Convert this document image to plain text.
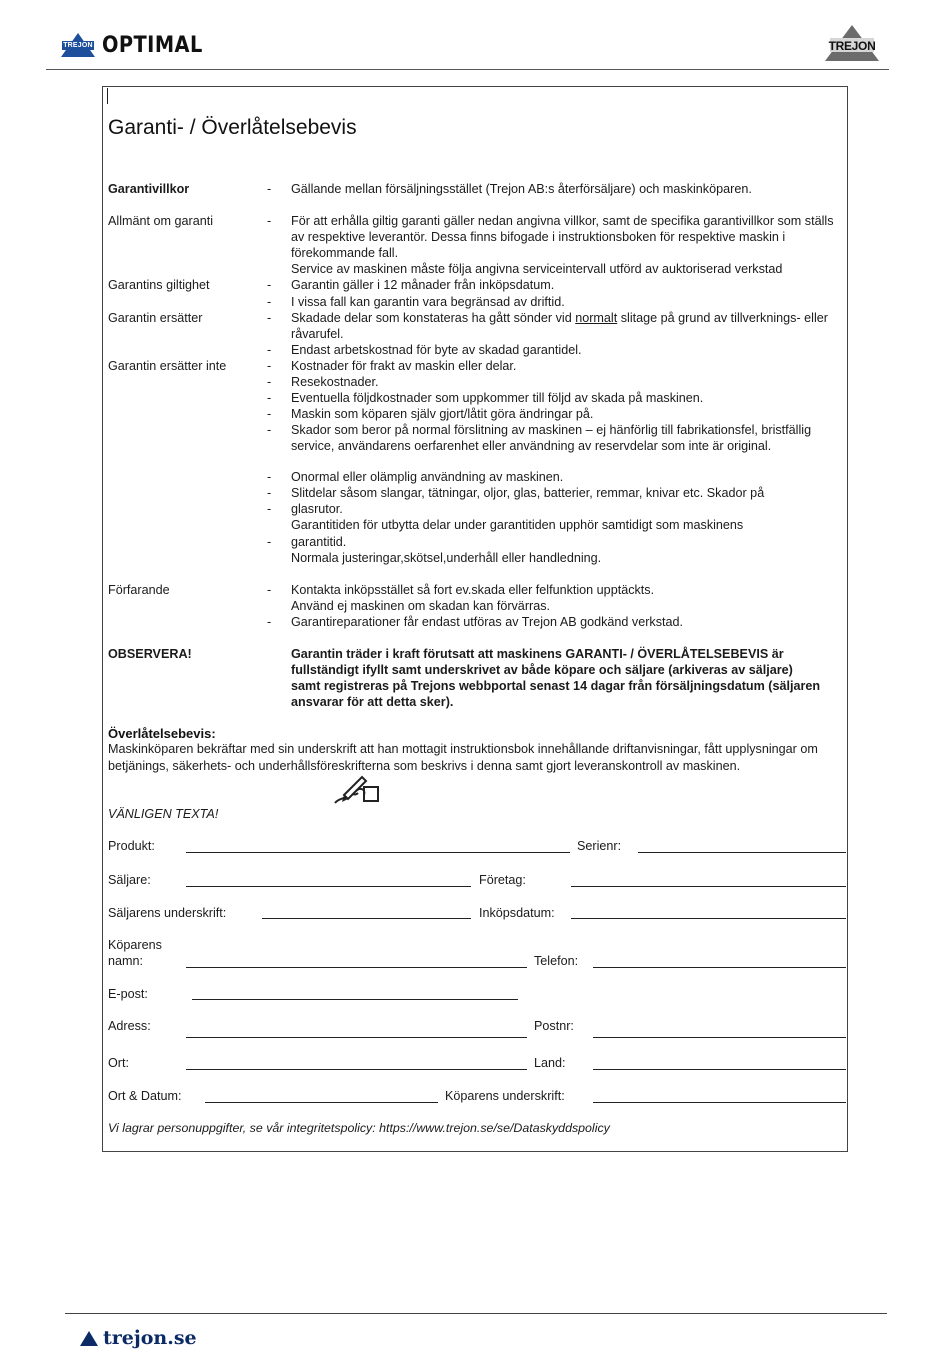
TREJON OPTIMAL	TREJON
Garanti- / Överlåtelsebevis
Garantivillkor	- Gällande mellan försäljningsstället (Trejon AB:s återförsäljare) och maskinköparen.
Allmänt om garanti	- För att erhålla giltig garanti gäller nedan angivna villkor, samt de specifika garantivillkor som ställs av respektive leverantör. Dessa finns bifogade i instruktionsboken för respektive maskin i förekommande fall.
Service av maskinen måste följa angivna serviceintervall utförd av auktoriserad verkstad
Garantins giltighet	- Garantin gäller i 12 månader från inköpsdatum.
- I vissa fall kan garantin vara begränsad av driftid.
Garantin ersätter	- Skadade delar som konstateras ha gått sönder vid normalt slitage på grund av tillverknings- eller råvarufel.
- Endast arbetskostnad för byte av skadad garantidel.
Garantin ersätter inte	- Kostnader för frakt av maskin eller delar.
- Resekostnader.
- Eventuella följdkostnader som uppkommer till följd av skada på maskinen.
- Maskin som köparen själv gjort/låtit göra ändringar på.
- Skador som beror på normal förslitning av maskinen – ej hänförlig till fabrikationsfel, bristfällig service, användarens oerfarenhet eller användning av reservdelar som inte är original.
- Onormal eller olämplig användning av maskinen.
- Slitdelar såsom slangar, tätningar, oljor, glas, batterier, remmar, knivar etc. Skador på
- glasrutor.
Garantitiden för utbytta delar under garantitiden upphör samtidigt som maskinens
- garantitid.
Normala justeringar,skötsel,underhåll eller handledning.
Förfarande	- Kontakta inköpsstället så fort ev.skada eller felfunktion upptäckts.
Använd ej maskinen om skadan kan förvärras.
- Garantireparationer får endast utföras av Trejon AB godkänd verkstad.
OBSERVERA!	Garantin träder i kraft förutsatt att maskinens GARANTI- / ÖVERLÅTELSEBEVIS är fullständigt ifyllt samt underskrivet av både köpare och säljare (arkiveras av säljare) samt registreras på Trejons webbportal senast 14 dagar från försäljningsdatum (säljaren ansvarar för att detta sker).
Överlåtelsebevis:
Maskinköparen bekräftar med sin underskrift att han mottagit instruktionsbok innehållande driftanvisningar, fått upplysningar om betjänings, säkerhets- och underhållsföreskrifterna som beskrivs i denna samt gjort leveranskontroll av maskinen.
VÄNLIGEN TEXTA!
Produkt:	Serienr:
Säljare:	Företag:
Säljarens underskrift:	Inköpsdatum:
Köparens
namn:	Telefon:
E-post:
Adress:	Postnr:
Ort:	Land:
Ort & Datum:	Köparens underskrift:
Vi lagrar personuppgifter, se vår integritetspolicy: https://www.trejon.se/se/Dataskyddspolicy
trejon.se
